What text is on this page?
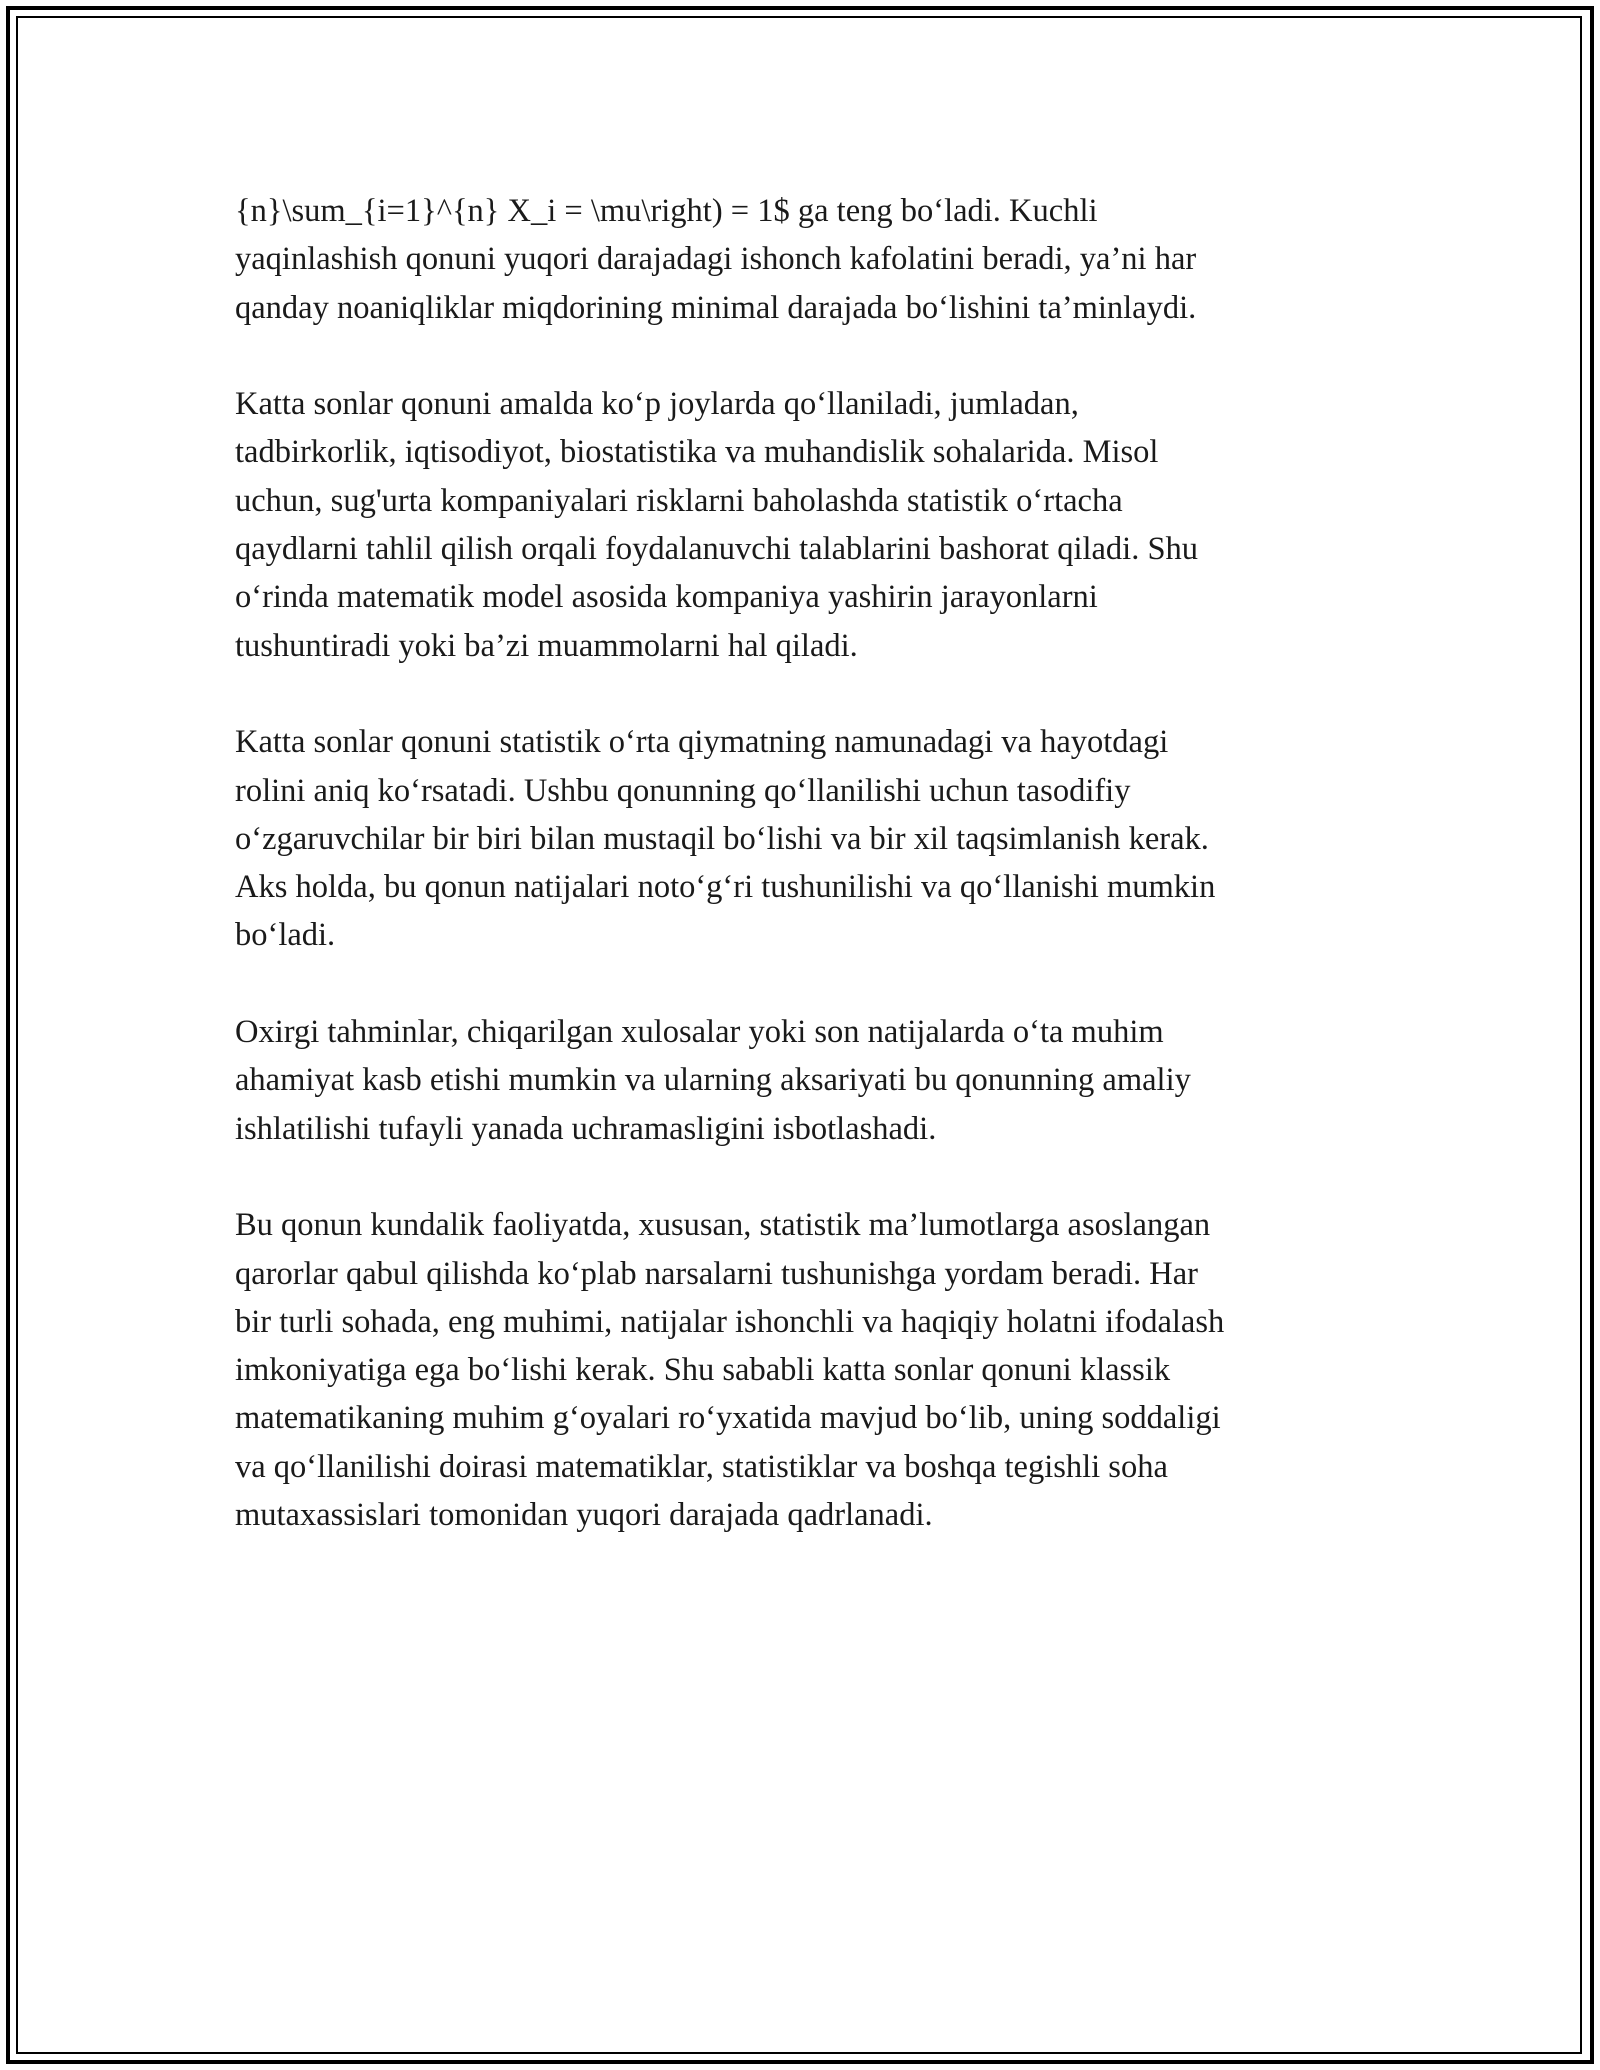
{n}\sum_{i=1}^{n} X_i = \mu\right) = 1$ ga teng bo‘ladi. Kuchli
yaqinlashish qonuni yuqori darajadagi ishonch kafolatini beradi, ya’ni har
qanday noaniqliklar miqdorining minimal darajada bo‘lishini ta’minlaydi.

Katta sonlar qonuni amalda ko‘p joylarda qo‘llaniladi, jumladan,
tadbirkorlik, iqtisodiyot, biostatistika va muhandislik sohalarida. Misol
uchun, sug'urta kompaniyalari risklarni baholashda statistik o‘rtacha
qaydlarni tahlil qilish orqali foydalanuvchi talablarini bashorat qiladi. Shu
o‘rinda matematik model asosida kompaniya yashirin jarayonlarni
tushuntiradi yoki ba’zi muammolarni hal qiladi.

Katta sonlar qonuni statistik o‘rta qiymatning namunadagi va hayotdagi
rolini aniq ko‘rsatadi. Ushbu qonunning qo‘llanilishi uchun tasodifiy
o‘zgaruvchilar bir biri bilan mustaqil bo‘lishi va bir xil taqsimlanish kerak.
Aks holda, bu qonun natijalari noto‘g‘ri tushunilishi va qo‘llanishi mumkin
bo‘ladi.

Oxirgi tahminlar, chiqarilgan xulosalar yoki son natijalarda o‘ta muhim
ahamiyat kasb etishi mumkin va ularning aksariyati bu qonunning amaliy
ishlatilishi tufayli yanada uchramasligini isbotlashadi.

Bu qonun kundalik faoliyatda, xususan, statistik ma’lumotlarga asoslangan
qarorlar qabul qilishda ko‘plab narsalarni tushunishga yordam beradi. Har
bir turli sohada, eng muhimi, natijalar ishonchli va haqiqiy holatni ifodalash
imkoniyatiga ega bo‘lishi kerak. Shu sababli katta sonlar qonuni klassik
matematikaning muhim g‘oyalari ro‘yxatida mavjud bo‘lib, uning soddaligi
va qo‘llanilishi doirasi matematiklar, statistiklar va boshqa tegishli soha
mutaxassislari tomonidan yuqori darajada qadrlanadi.
